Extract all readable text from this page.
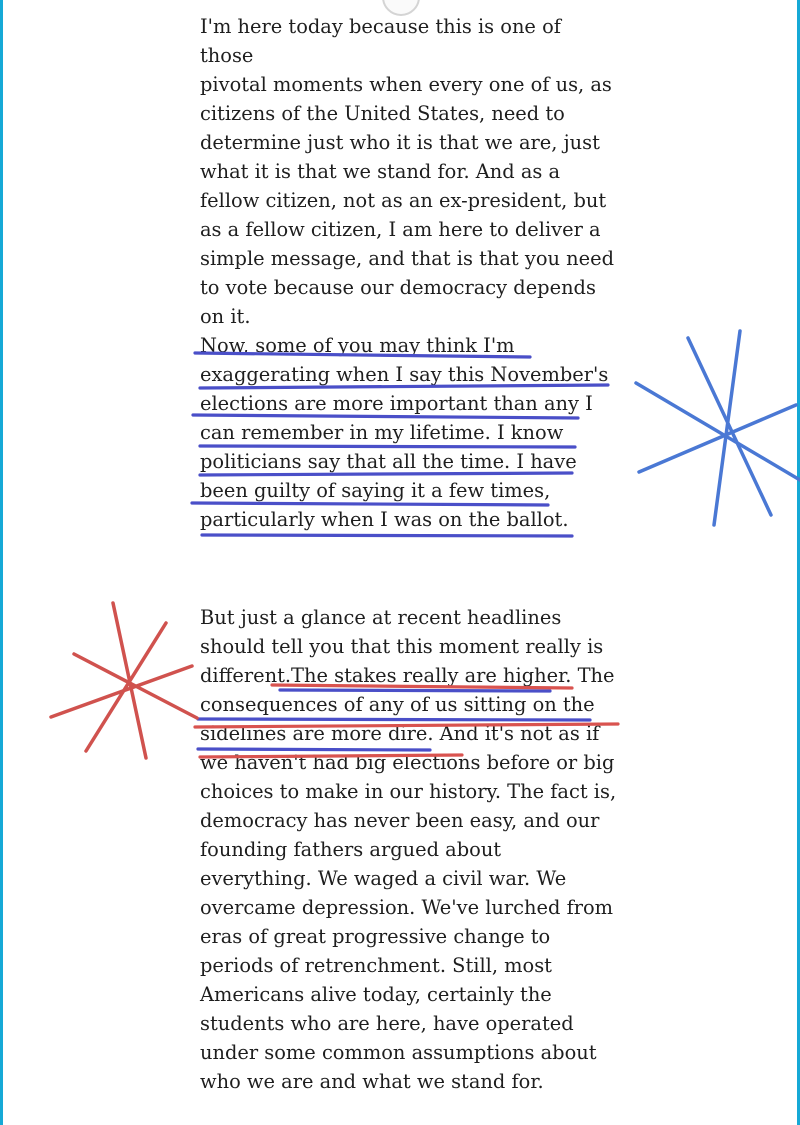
I'm here today because this is one of those
pivotal moments when every one of us, as
citizens of the United States, need to
determine just who it is that we are, just
what it is that we stand for. And as a
fellow citizen, not as an ex-president, but
as a fellow citizen, I am here to deliver a
simple message, and that is that you need
to vote because our democracy depends
on it.

Now, some of you may think I'm
exaggerating when I say this November's
elections are more important than any I
can remember in my lifetime. I know
politicians say that all the time. I have
been guilty of saying it a few times,
particularly when I was on the ballot.

But just a glance at recent headlines
should tell you that this moment really is
different.The stakes really are higher. The
consequences of any of us sitting on the
sidelines are more dire. And it's not as if
we haven't had big elections before or big
choices to make in our history. The fact is,
democracy has never been easy, and our
founding fathers argued about
everything. We waged a civil war. We
overcame depression. We've lurched from
eras of great progressive change to
periods of retrenchment. Still, most
Americans alive today, certainly the
students who are here, have operated
under some common assumptions about
who we are and what we stand for.
